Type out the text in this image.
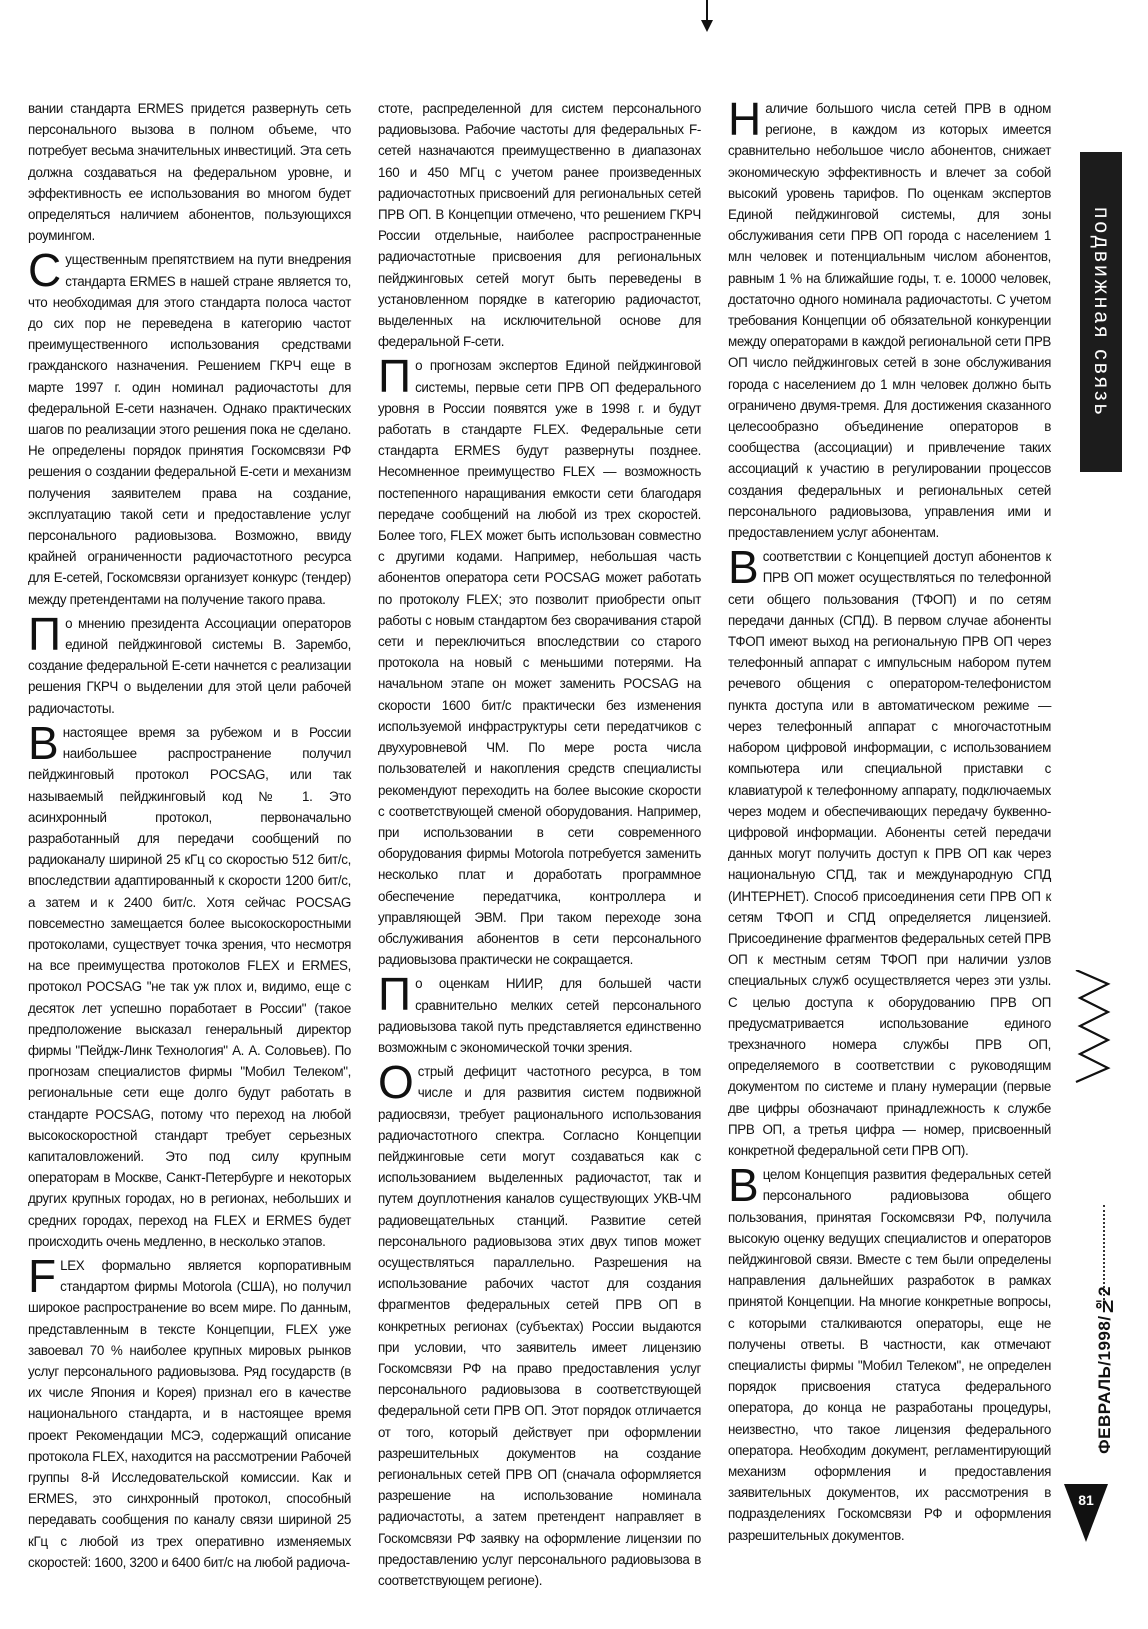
вании стандарта ERMES придется развернуть сеть персонального вызова в полном объеме, что потребует весьма значительных инвестиций. Эта сеть должна создаваться на федеральном уровне, и эффективность ее использования во многом будет определяться наличием абонентов, пользующихся роумингом.

Существенным препятствием на пути внедрения стандарта ERMES в нашей стране является то, что необходимая для этого стандарта полоса частот до сих пор не переведена в категорию частот преимущественного использования средствами гражданского назначения. Решением ГКРЧ еще в марте 1997 г. один номинал радиочастоты для федеральной E-сети назначен. Однако практических шагов по реализации этого решения пока не сделано. Не определены порядок принятия Госкомсвязи РФ решения о создании федеральной E-сети и механизм получения заявителем права на создание, эксплуатацию такой сети и предоставление услуг персонального радиовызова. Возможно, ввиду крайней ограниченности радиочастотного ресурса для E-сетей, Госкомсвязи организует конкурс (тендер) между претендентами на получение такого права.

По мнению президента Ассоциации операторов единой пейджинговой системы В. Зарембо, создание федеральной E-сети начнется с реализации решения ГКРЧ о выделении для этой цели рабочей радиочастоты.

В настоящее время за рубежом и в России наибольшее распространение получил пейджинговый протокол POCSAG, или так называемый пейджинговый код № 1. Это асинхронный протокол, первоначально разработанный для передачи сообщений по радиоканалу шириной 25 кГц со скоростью 512 бит/с, впоследствии адаптированный к скорости 1200 бит/с, а затем и к 2400 бит/с. Хотя сейчас POCSAG повсеместно замещается более высокоскоростными протоколами, существует точка зрения, что несмотря на все преимущества протоколов FLEX и ERMES, протокол POCSAG "не так уж плох и, видимо, еще с десяток лет успешно поработает в России" (такое предположение высказал генеральный директор фирмы "Пейдж-Линк Технология" А. А. Соловьев). По прогнозам специалистов фирмы "Мобил Телеком", региональные сети еще долго будут работать в стандарте POCSAG, потому что переход на любой высокоскоростной стандарт требует серьезных капиталовложений. Это под силу крупным операторам в Москве, Санкт-Петербурге и некоторых других крупных городах, но в регионах, небольших и средних городах, переход на FLEX и ERMES будет происходить очень медленно, в несколько этапов.

FLEX формально является корпоративным стандартом фирмы Motorola (США), но получил широкое распространение во всем мире. По данным, представленным в тексте Концепции, FLEX уже завоевал 70 % наиболее крупных мировых рынков услуг персонального радиовызова. Ряд государств (в их числе Япония и Корея) признал его в качестве национального стандарта, и в настоящее время проект Рекомендации МСЭ, содержащий описание протокола FLEX, находится на рассмотрении Рабочей группы 8-й Исследовательской комиссии. Как и ERMES, это синхронный протокол, способный передавать сообщения по каналу связи шириной 25 кГц с любой из трех оперативно изменяемых скоростей: 1600, 3200 и 6400 бит/с на любой радиоча-

стоте, распределенной для систем персонального радиовызова. Рабочие частоты для федеральных F-сетей назначаются преимущественно в диапазонах 160 и 450 МГц с учетом ранее произведенных радиочастотных присвоений для региональных сетей ПРВ ОП. В Концепции отмечено, что решением ГКРЧ России отдельные, наиболее распространенные радиочастотные присвоения для региональных пейджинговых сетей могут быть переведены в установленном порядке в категорию радиочастот, выделенных на исключительной основе для федеральной F-сети.

По прогнозам экспертов Единой пейджинговой системы, первые сети ПРВ ОП федерального уровня в России появятся уже в 1998 г. и будут работать в стандарте FLEX. Федеральные сети стандарта ERMES будут развернуты позднее. Несомненное преимущество FLEX — возможность постепенного наращивания емкости сети благодаря передаче сообщений на любой из трех скоростей. Более того, FLEX может быть использован совместно с другими кодами. Например, небольшая часть абонентов оператора сети POCSAG может работать по протоколу FLEX; это позволит приобрести опыт работы с новым стандартом без сворачивания старой сети и переключиться впоследствии со старого протокола на новый с меньшими потерями. На начальном этапе он может заменить POCSAG на скорости 1600 бит/с практически без изменения используемой инфраструктуры сети передатчиков с двухуровневой ЧМ. По мере роста числа пользователей и накопления средств специалисты рекомендуют переходить на более высокие скорости с соответствующей сменой оборудования. Например, при использовании в сети современного оборудования фирмы Motorola потребуется заменить несколько плат и доработать программное обеспечение передатчика, контроллера и управляющей ЭВМ. При таком переходе зона обслуживания абонентов в сети персонального радиовызова практически не сокращается.

По оценкам НИИР, для большей части сравнительно мелких сетей персонального радиовызова такой путь представляется единственно возможным с экономической точки зрения.

Острый дефицит частотного ресурса, в том числе и для развития систем подвижной радиосвязи, требует рационального использования радиочастотного спектра. Согласно Концепции пейджинговые сети могут создаваться как с использованием выделенных радиочастот, так и путем доуплотнения каналов существующих УКВ-ЧМ радиовещательных станций. Развитие сетей персонального радиовызова этих двух типов может осуществляться параллельно. Разрешения на использование рабочих частот для создания фрагментов федеральных сетей ПРВ ОП в конкретных регионах (субъектах) России выдаются при условии, что заявитель имеет лицензию Госкомсвязи РФ на право предоставления услуг персонального радиовызова в соответствующей федеральной сети ПРВ ОП. Этот порядок отличается от того, который действует при оформлении разрешительных документов на создание региональных сетей ПРВ ОП (сначала оформляется разрешение на использование номинала радиочастоты, а затем претендент направляет в Госкомсвязи РФ заявку на оформление лицензии по предоставлению услуг персонального радиовызова в соответствующем регионе).

Наличие большого числа сетей ПРВ в одном регионе, в каждом из которых имеется сравнительно небольшое число абонентов, снижает экономическую эффективность и влечет за собой высокий уровень тарифов. По оценкам экспертов Единой пейджинговой системы, для зоны обслуживания сети ПРВ ОП города с населением 1 млн человек и потенциальным числом абонентов, равным 1 % на ближайшие годы, т. е. 10000 человек, достаточно одного номинала радиочастоты. С учетом требования Концепции об обязательной конкуренции между операторами в каждой региональной сети ПРВ ОП число пейджинговых сетей в зоне обслуживания города с населением до 1 млн человек должно быть ограничено двумя-тремя. Для достижения сказанного целесообразно объединение операторов в сообщества (ассоциации) и привлечение таких ассоциаций к участию в регулировании процессов создания федеральных и региональных сетей персонального радиовызова, управления ими и предоставлением услуг абонентам.

В соответствии с Концепцией доступ абонентов к ПРВ ОП может осуществляться по телефонной сети общего пользования (ТФОП) и по сетям передачи данных (СПД). В первом случае абоненты ТФОП имеют выход на региональную ПРВ ОП через телефонный аппарат с импульсным набором путем речевого общения с оператором-телефонистом пункта доступа или в автоматическом режиме — через телефонный аппарат с многочастотным набором цифровой информации, с использованием компьютера или специальной приставки с клавиатурой к телефонному аппарату, подключаемых через модем и обеспечивающих передачу буквенно-цифровой информации. Абоненты сетей передачи данных могут получить доступ к ПРВ ОП как через национальную СПД, так и международную СПД (ИНТЕРНЕТ). Способ присоединения сети ПРВ ОП к сетям ТФОП и СПД определяется лицензией. Присоединение фрагментов федеральных сетей ПРВ ОП к местным сетям ТФОП при наличии узлов специальных служб осуществляется через эти узлы. С целью доступа к оборудованию ПРВ ОП предусматривается использование единого трехзначного номера службы ПРВ ОП, определяемого в соответствии с руководящим документом по системе и плану нумерации (первые две цифры обозначают принадлежность к службе ПРВ ОП, а третья цифра — номер, присвоенный конкретной федеральной сети ПРВ ОП).

В целом Концепция развития федеральных сетей персонального радиовызова общего пользования, принятая Госкомсвязи РФ, получила высокую оценку ведущих специалистов и операторов пейджинговой связи. Вместе с тем были определены направления дальнейших разработок в рамках принятой Концепции. На многие конкретные вопросы, с которыми сталкиваются операторы, еще не получены ответы. В частности, как отмечают специалисты фирмы "Мобил Телеком", не определен порядок присвоения статуса федерального оператора, до конца не разработаны процедуры, неизвестно, что такое лицензия федерального оператора. Необходим документ, регламентирующий механизм оформления и предоставления заявительных документов, их рассмотрения в подразделениях Госкомсвязи РФ и оформления разрешительных документов.

подвижная связь
ФЕВРАЛЬ/1998/№2
81
